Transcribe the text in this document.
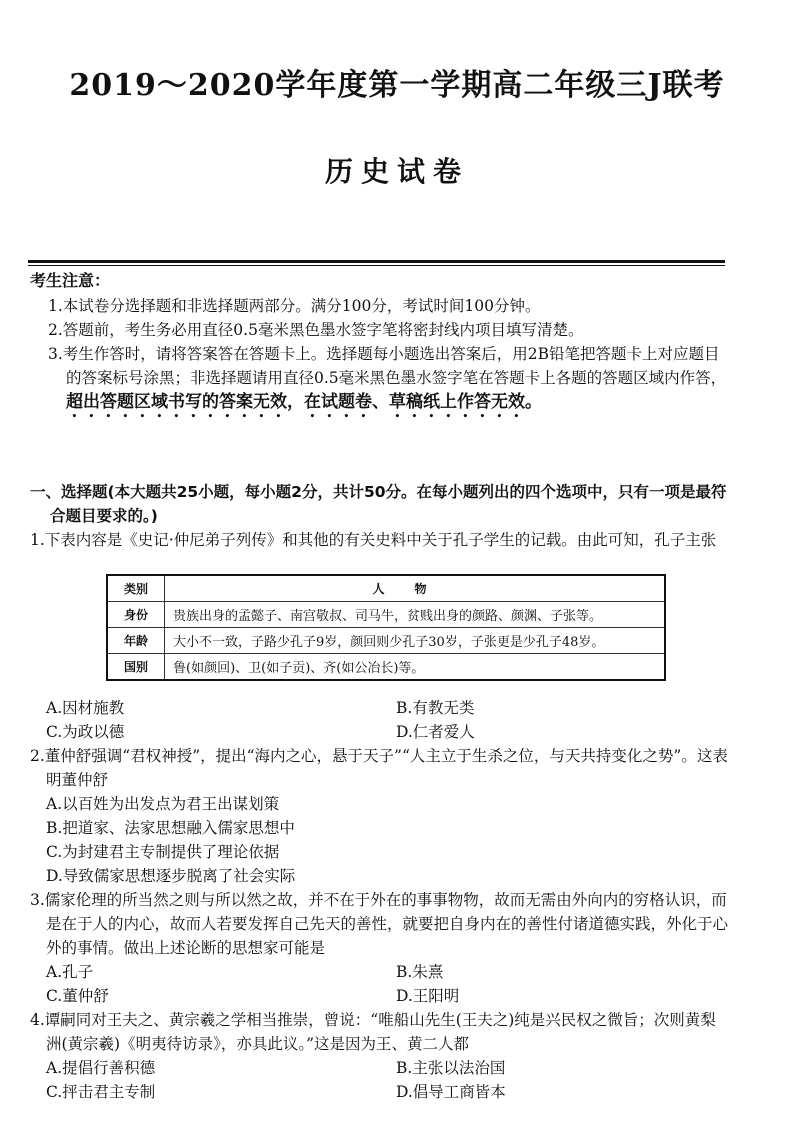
2019～2020学年度第一学期高二年级三J联考
历史试卷
考生注意：
1.本试卷分选择题和非选择题两部分。满分100分，考试时间100分钟。
2.答题前，考生务必用直径0.5毫米黑色墨水签字笔将密封线内项目填写清楚。
3.考生作答时，请将答案答在答题卡上。选择题每小题选出答案后，用2B铅笔把答题卡上对应题目的答案标号涂黑；非选择题请用直径0.5毫米黑色墨水签字笔在答题卡上各题的答题区域内作答，超出答题区域书写的答案无效，在试题卷、草稿纸上作答无效。
一、选择题(本大题共25小题，每小题2分，共计50分。在每小题列出的四个选项中，只有一项是最符合题目要求的。)
1.下表内容是《史记·仲尼弟子列传》和其他的有关史料中关于孔子学生的记载。由此可知，孔子主张
类别	人物
身份	贵族出身的孟懿子、南宫敬叔、司马牛，贫贱出身的颜路、颜渊、子张等。
年龄	大小不一致，子路少孔子9岁，颜回则少孔子30岁，子张更是少孔子48岁。
国别	鲁(如颜回)、卫(如子贡)、齐(如公冶长)等。
A.因材施教	B.有教无类
C.为政以德	D.仁者爱人
2.董仲舒强调“君权神授”，提出“海内之心，悬于天子”“人主立于生杀之位，与天共持变化之势”。这表明董仲舒
A.以百姓为出发点为君王出谋划策
B.把道家、法家思想融入儒家思想中
C.为封建君主专制提供了理论依据
D.导致儒家思想逐步脱离了社会实际
3.儒家伦理的所当然之则与所以然之故，并不在于外在的事事物物，故而无需由外向内的穷格认识，而是在于人的内心，故而人若要发挥自己先天的善性，就要把自身内在的善性付诸道德实践，外化于心外的事情。做出上述论断的思想家可能是
A.孔子	B.朱熹
C.董仲舒	D.王阳明
4.谭嗣同对王夫之、黄宗羲之学相当推崇，曾说：“唯船山先生(王夫之)纯是兴民权之微旨；次则黄梨洲(黄宗羲)《明夷待访录》，亦具此议。”这是因为王、黄二人都
A.提倡行善积德	B.主张以法治国
C.抨击君主专制	D.倡导工商皆本
